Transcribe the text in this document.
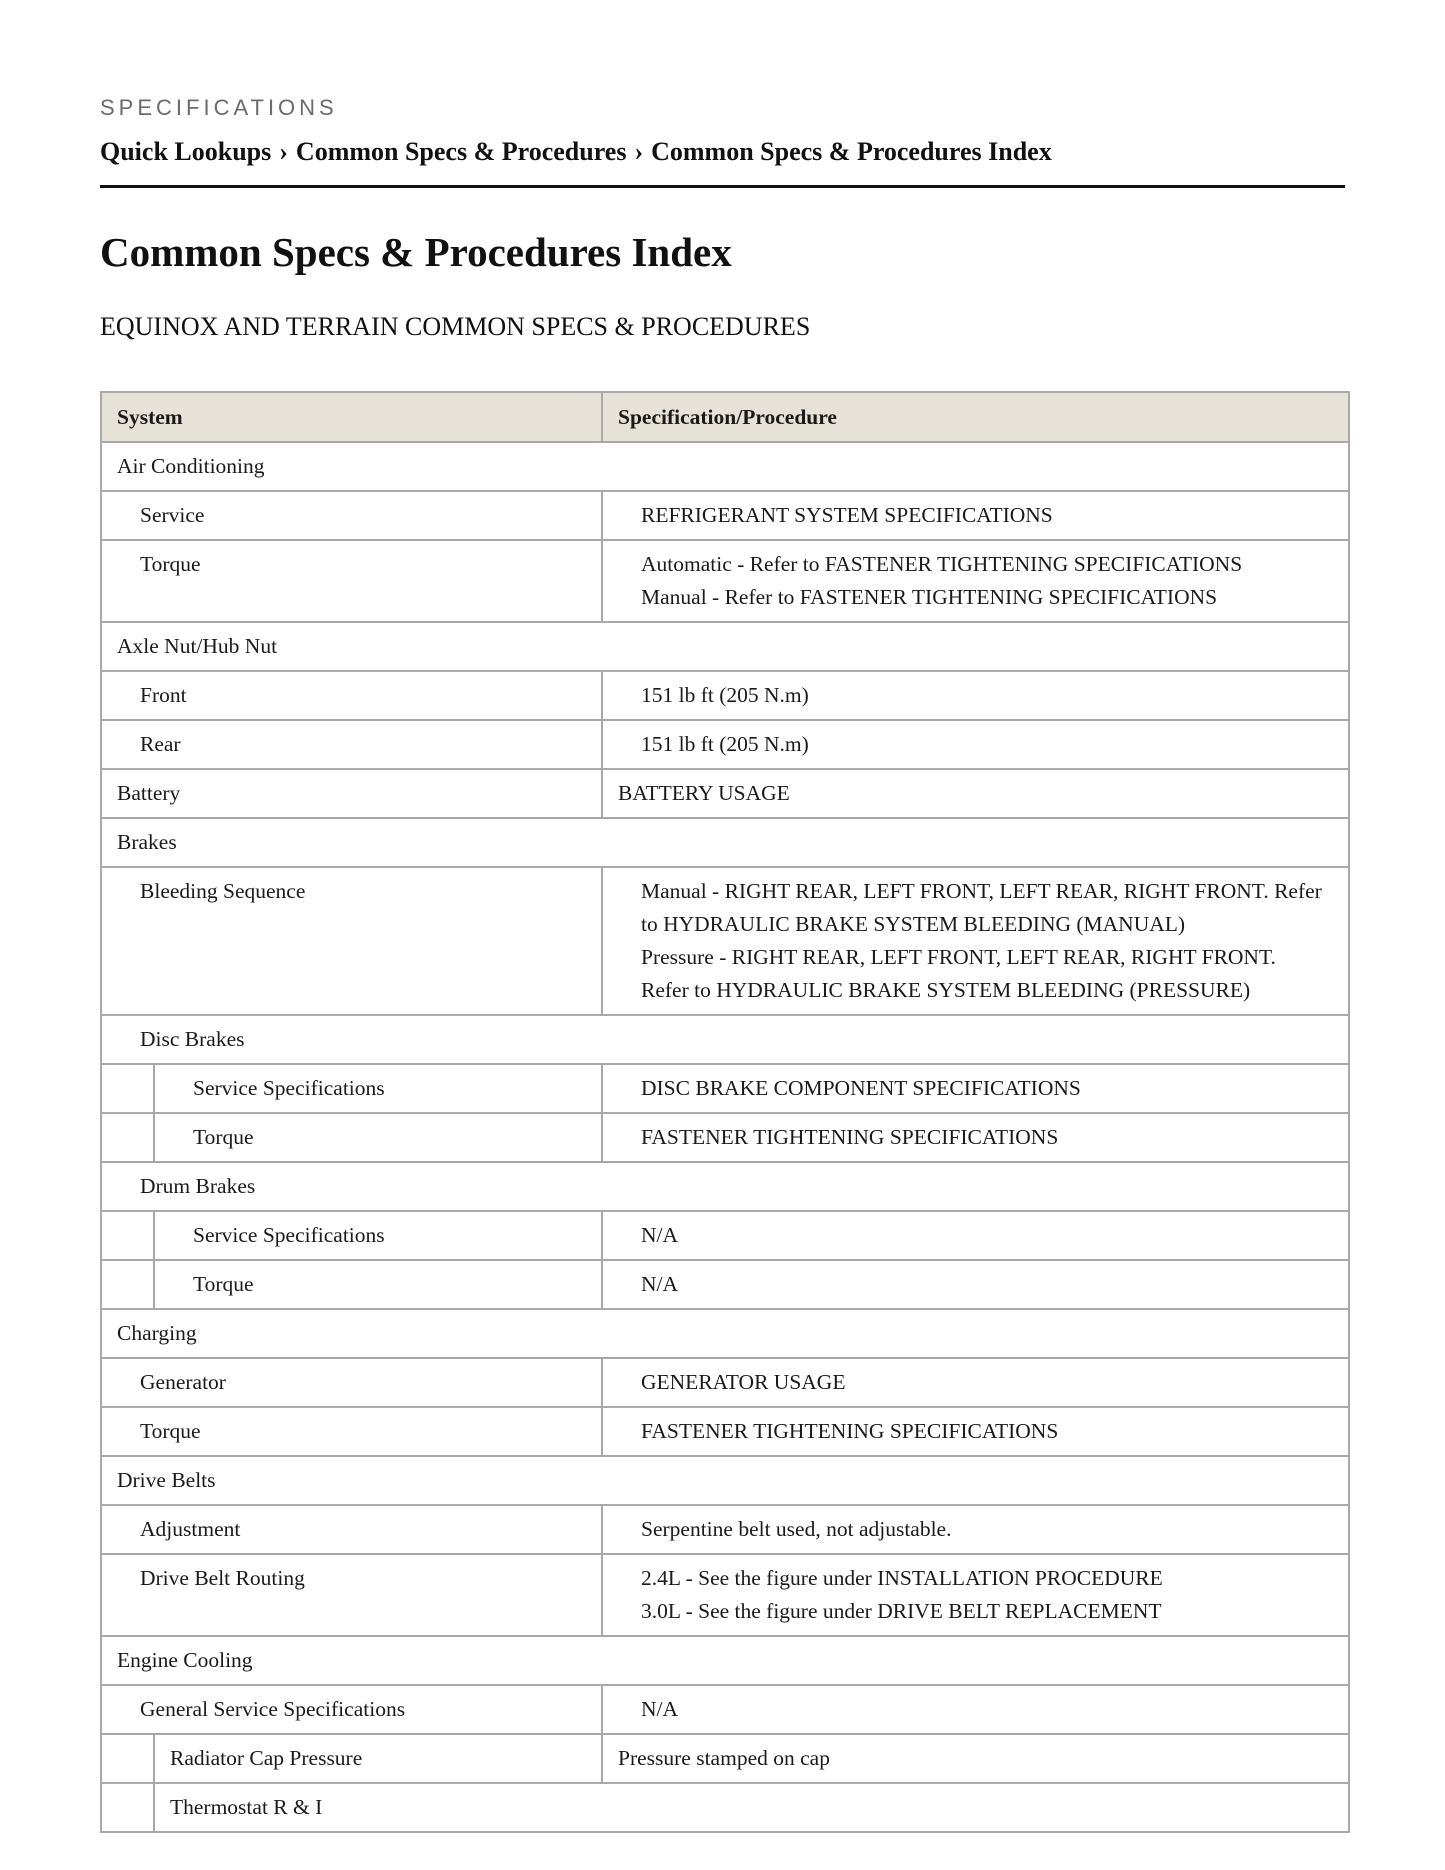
SPECIFICATIONS
Quick Lookups › Common Specs & Procedures › Common Specs & Procedures Index
Common Specs & Procedures Index
EQUINOX AND TERRAIN COMMON SPECS & PROCEDURES
System		Specification/Procedure
Air Conditioning		
Service		REFRIGERANT SYSTEM SPECIFICATIONS

Torque		Automatic - Refer to FASTENER TIGHTENING SPECIFICATIONS
Manual - Refer to FASTENER TIGHTENING SPECIFICATIONS

Axle Nut/Hub Nut		
Front		151 lb ft (205 N.m)

Rear		151 lb ft (205 N.m)

Battery		BATTERY USAGE

Brakes		
Bleeding Sequence		Manual - RIGHT REAR, LEFT FRONT, LEFT REAR, RIGHT FRONT. Refer to HYDRAULIC BRAKE SYSTEM BLEEDING (MANUAL)
Pressure - RIGHT REAR, LEFT FRONT, LEFT REAR, RIGHT FRONT. Refer to HYDRAULIC BRAKE SYSTEM BLEEDING (PRESSURE)

Disc Brakes		
	Service Specifications	DISC BRAKE COMPONENT SPECIFICATIONS

	Torque	FASTENER TIGHTENING SPECIFICATIONS

Drum Brakes		
	Service Specifications	N/A

	Torque	N/A

Charging		
Generator		GENERATOR USAGE

Torque		FASTENER TIGHTENING SPECIFICATIONS

Drive Belts		
Adjustment		Serpentine belt used, not adjustable.

Drive Belt Routing		2.4L - See the figure under INSTALLATION PROCEDURE
3.0L - See the figure under DRIVE BELT REPLACEMENT

Engine Cooling		
General Service Specifications		N/A

	Radiator Cap Pressure	Pressure stamped on cap

	Thermostat R & I	
